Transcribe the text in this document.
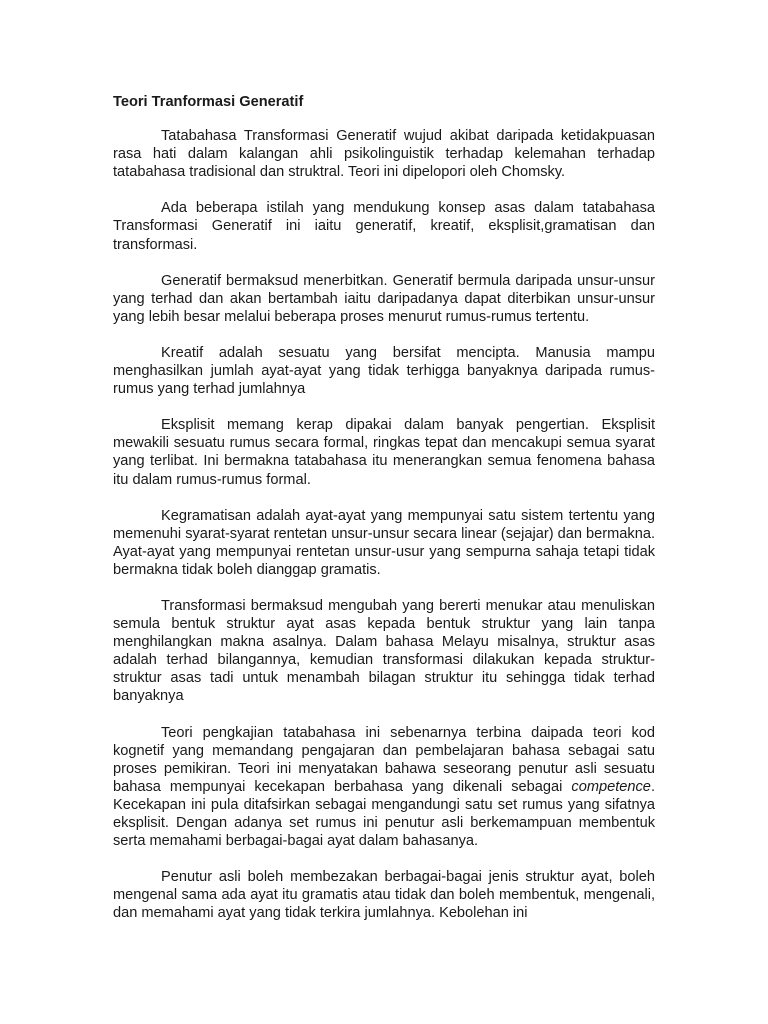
Teori Tranformasi Generatif

Tatabahasa Transformasi Generatif wujud akibat daripada ketidakpuasan rasa hati dalam kalangan ahli psikolinguistik terhadap kelemahan terhadap tatabahasa tradisional dan struktral. Teori ini dipelopori oleh Chomsky.

Ada beberapa istilah yang mendukung konsep asas dalam tatabahasa Transformasi Generatif ini iaitu generatif, kreatif, eksplisit,gramatisan dan transformasi.

Generatif bermaksud menerbitkan. Generatif bermula daripada unsur-unsur yang terhad dan akan bertambah iaitu daripadanya dapat diterbikan unsur-unsur yang lebih besar melalui beberapa proses menurut rumus-rumus tertentu.

Kreatif adalah sesuatu yang bersifat mencipta. Manusia mampu menghasilkan jumlah ayat-ayat yang tidak terhigga banyaknya daripada rumus-rumus yang terhad jumlahnya

Eksplisit memang kerap dipakai dalam banyak pengertian. Eksplisit mewakili sesuatu rumus secara formal, ringkas tepat dan mencakupi semua syarat yang terlibat. Ini bermakna tatabahasa itu menerangkan semua fenomena bahasa itu dalam rumus-rumus formal.

Kegramatisan adalah ayat-ayat yang mempunyai satu sistem tertentu yang memenuhi syarat-syarat rentetan unsur-unsur secara linear (sejajar) dan bermakna. Ayat-ayat yang mempunyai rentetan unsur-usur yang sempurna sahaja tetapi tidak bermakna tidak boleh dianggap gramatis.

Transformasi bermaksud mengubah yang bererti menukar atau menuliskan semula bentuk struktur ayat asas kepada bentuk struktur yang lain tanpa menghilangkan makna asalnya. Dalam bahasa Melayu misalnya, struktur asas adalah terhad bilangannya, kemudian transformasi dilakukan kepada struktur-struktur asas tadi untuk menambah bilagan struktur itu sehingga tidak terhad banyaknya

Teori pengkajian tatabahasa ini sebenarnya terbina daipada teori kod kognetif yang memandang pengajaran dan pembelajaran bahasa sebagai satu proses pemikiran. Teori ini menyatakan bahawa seseorang penutur asli sesuatu bahasa mempunyai kecekapan berbahasa yang dikenali sebagai competence. Kecekapan ini pula ditafsirkan sebagai mengandungi satu set rumus yang sifatnya eksplisit. Dengan adanya set rumus ini penutur asli berkemampuan membentuk serta memahami berbagai-bagai ayat dalam bahasanya.

Penutur asli boleh membezakan berbagai-bagai jenis struktur ayat, boleh mengenal sama ada ayat itu gramatis atau tidak dan boleh membentuk, mengenali, dan memahami ayat yang tidak terkira jumlahnya. Kebolehan ini
